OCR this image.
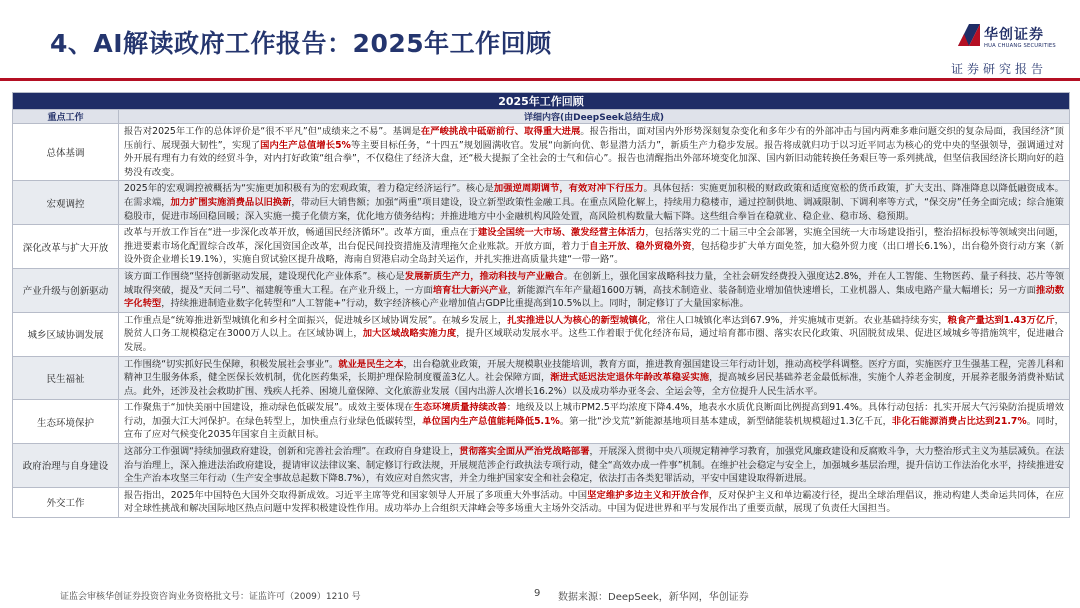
4、AI解读政府工作报告：2025年工作回顾	华创证券
HUA CHUANG SECURITIES
证券研究报告
2025年工作回顾	
重点工作	详细内容(由DeepSeek总结生成)
总体基调	报告对2025年工作的总体评价是“很不平凡”但“成绩来之不易”。基调是在严峻挑战中砥砺前行、取得重大进展。报告指出，面对国内外形势深刻复杂变化和多年少有的外部冲击与国内两难多难问题交织的复杂局面，我国经济“顶压前行、展现强大韧性”，实现了国内生产总值增长5%等主要目标任务，“十四五”规划圆满收官。发展“向新向优、彰显潜力活力”，新质生产力稳步发展。报告将成就归功于以习近平同志为核心的党中央的坚强领导，强调通过对外开展有理有力有效的经贸斗争，对内打好政策“组合拳”，不仅稳住了经济大盘，还“极大提振了全社会的士气和信心”。报告也清醒指出外部环境变化加深、国内新旧动能转换任务艰巨等一系列挑战，但坚信我国经济长期向好的趋势没有改变。
宏观调控	2025年的宏观调控被概括为“实施更加积极有为的宏观政策，着力稳定经济运行”。核心是加强逆周期调节，有效对冲下行压力。具体包括：实施更加积极的财政政策和适度宽松的货币政策，扩大支出、降准降息以降低融资成本。在需求端，加力扩围实施消费品以旧换新，带动巨大销售额；加强“两重”项目建设，设立新型政策性金融工具。在重点风险化解上，持续用力稳楼市，通过控制供地、调减限制、下调利率等方式，“保交房”任务全面完成；综合施策稳股市，促进市场回稳回暖；深入实施一揽子化债方案，优化地方债务结构；并推进地方中小金融机构风险处置，高风险机构数量大幅下降。这些组合拳旨在稳就业、稳企业、稳市场、稳预期。
深化改革与扩大开放	改革与开放工作旨在“进一步深化改革开放，畅通国民经济循环”。改革方面，重点在于建设全国统一大市场、激发经营主体活力，包括落实党的二十届三中全会部署，实施全国统一大市场建设指引，整治招标投标等领域突出问题，推进要素市场化配置综合改革，深化国资国企改革，出台促民间投资措施及清理拖欠企业账款。开放方面，着力于自主开放、稳外贸稳外资，包括稳步扩大单方面免签，加大稳外贸力度（出口增长6.1%），出台稳外资行动方案（新设外资企业增长19.1%），实施自贸试验区提升战略，海南自贸港启动全岛封关运作，并扎实推进高质量共建“一带一路”。
产业升级与创新驱动	该方面工作围绕“坚持创新驱动发展，建设现代化产业体系”。核心是发展新质生产力，推动科技与产业融合。在创新上，强化国家战略科技力量，全社会研发经费投入强度达2.8%，并在人工智能、生物医药、量子科技、芯片等领域取得突破，提及“天问二号”、福建舰等重大工程。在产业升级上，一方面培育壮大新兴产业，新能源汽车年产量超1600万辆，高技术制造业、装备制造业增加值快速增长，工业机器人、集成电路产量大幅增长；另一方面推动数字化转型，持续推进制造业数字化转型和“人工智能+”行动，数字经济核心产业增加值占GDP比重提高到10.5%以上。同时，制定修订了大量国家标准。
城乡区域协调发展	工作重点是“统筹推进新型城镇化和乡村全面振兴，促进城乡区域协调发展”。在城乡发展上，扎实推进以人为核心的新型城镇化，常住人口城镇化率达到67.9%，并实施城市更新。农业基础持续夯实，粮食产量达到1.43万亿斤，脱贫人口务工规模稳定在3000万人以上。在区域协调上，加大区域战略实施力度，提升区域联动发展水平。这些工作着眼于优化经济布局，通过培育都市圈、落实农民化政策、巩固脱贫成果、促进区域城乡等措施筑牢，促进融合发展。
民生福祉	工作围绕“切实抓好民生保障，积极发展社会事业”。就业是民生之本，出台稳就业政策，开展大规模职业技能培训，教育方面，推进教育强国建设三年行动计划，推动高校学科调整。医疗方面，实施医疗卫生强基工程，完善儿科和精神卫生服务体系，健全医保长效机制，优化医药集采，长期护理保险制度覆盖3亿人。社会保障方面，渐进式延迟法定退休年龄改革稳妥实施，提高城乡居民基础养老金最低标准，实施个人养老金制度，开展养老服务消费补贴试点。此外，还涉及社会救助扩围、残疾人托养、困境儿童保障、文化旅游业发展（国内出游人次增长16.2%）以及成功举办亚冬会、全运会等，全方位提升人民生活水平。
生态环境保护	工作聚焦于“加快美丽中国建设，推动绿色低碳发展”。成效主要体现在生态环境质量持续改善：地级及以上城市PM2.5平均浓度下降4.4%，地表水水质优良断面比例提高到91.4%。具体行动包括：扎实开展大气污染防治提质增效行动，加强大江大河保护。在绿色转型上，加快重点行业绿色低碳转型，单位国内生产总值能耗降低5.1%。第一批“沙戈荒”新能源基地项目基本建成，新型储能装机规模超过1.3亿千瓦，非化石能源消费占比达到21.7%。同时，宣布了应对气候变化2035年国家自主贡献目标。
政府治理与自身建设	这部分工作强调“持续加强政府建设，创新和完善社会治理”。在政府自身建设上，贯彻落实全面从严治党战略部署，开展深入贯彻中央八项规定精神学习教育，加强党风廉政建设和反腐败斗争，大力整治形式主义为基层减负。在法治与治理上，深入推进法治政府建设，提请审议法律议案、制定修订行政法规，开展规范涉企行政执法专项行动，健全“高效办成一件事”机制。在维护社会稳定与安全上，加强城乡基层治理，提升信访工作法治化水平，持续推进安全生产治本攻坚三年行动（生产安全事故总起数下降8.7%），有效应对自然灾害，并全力维护国家安全和社会稳定，依法打击各类犯罪活动，平安中国建设取得新进展。
外交工作	报告指出，2025年中国特色大国外交取得新成效。习近平主席等党和国家领导人开展了多项重大外事活动。中国坚定维护多边主义和开放合作，反对保护主义和单边霸凌行径，提出全球治理倡议，推动构建人类命运共同体，在应对全球性挑战和解决国际地区热点问题中发挥积极建设性作用。成功举办上合组织天津峰会等多场重大主场外交活动。中国为促进世界和平与发展作出了重要贡献，展现了负责任大国担当。
证监会审核华创证券投资咨询业务资格批文号：证监许可（2009）1210 号	9 数据来源：DeepSeek，新华网，华创证券
